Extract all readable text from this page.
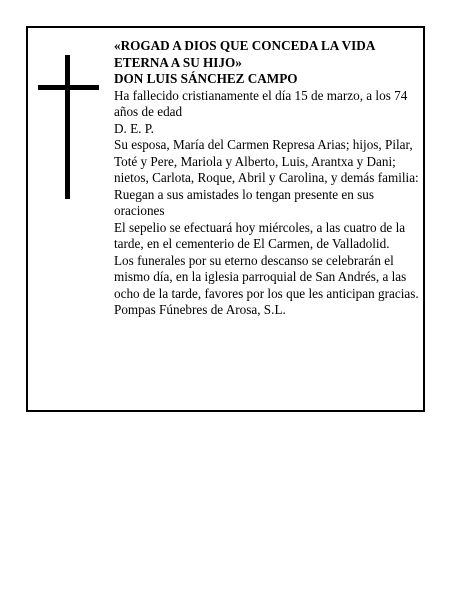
«ROGAD A DIOS QUE CONCEDA LA VIDA ETERNA A SU HIJO»

DON LUIS SÁNCHEZ CAMPO

Ha fallecido cristianamente el día 15 de marzo, a los 74 años de edad

D. E. P.

Su esposa, María del Carmen Represa Arias; hijos, Pilar, Toté y Pere, Mariola y Alberto, Luis, Arantxa y Dani; nietos, Carlota, Roque, Abril y Carolina, y demás familia:

Ruegan a sus amistades lo tengan presente en sus oraciones

El sepelio se efectuará hoy miércoles, a las cuatro de la tarde, en el cementerio de El Carmen, de Valladolid.

Los funerales por su eterno descanso se celebrarán el mismo día, en la iglesia parroquial de San Andrés, a las ocho de la tarde, favores por los que les anticipan gracias.

Pompas Fúnebres de Arosa, S.L.
